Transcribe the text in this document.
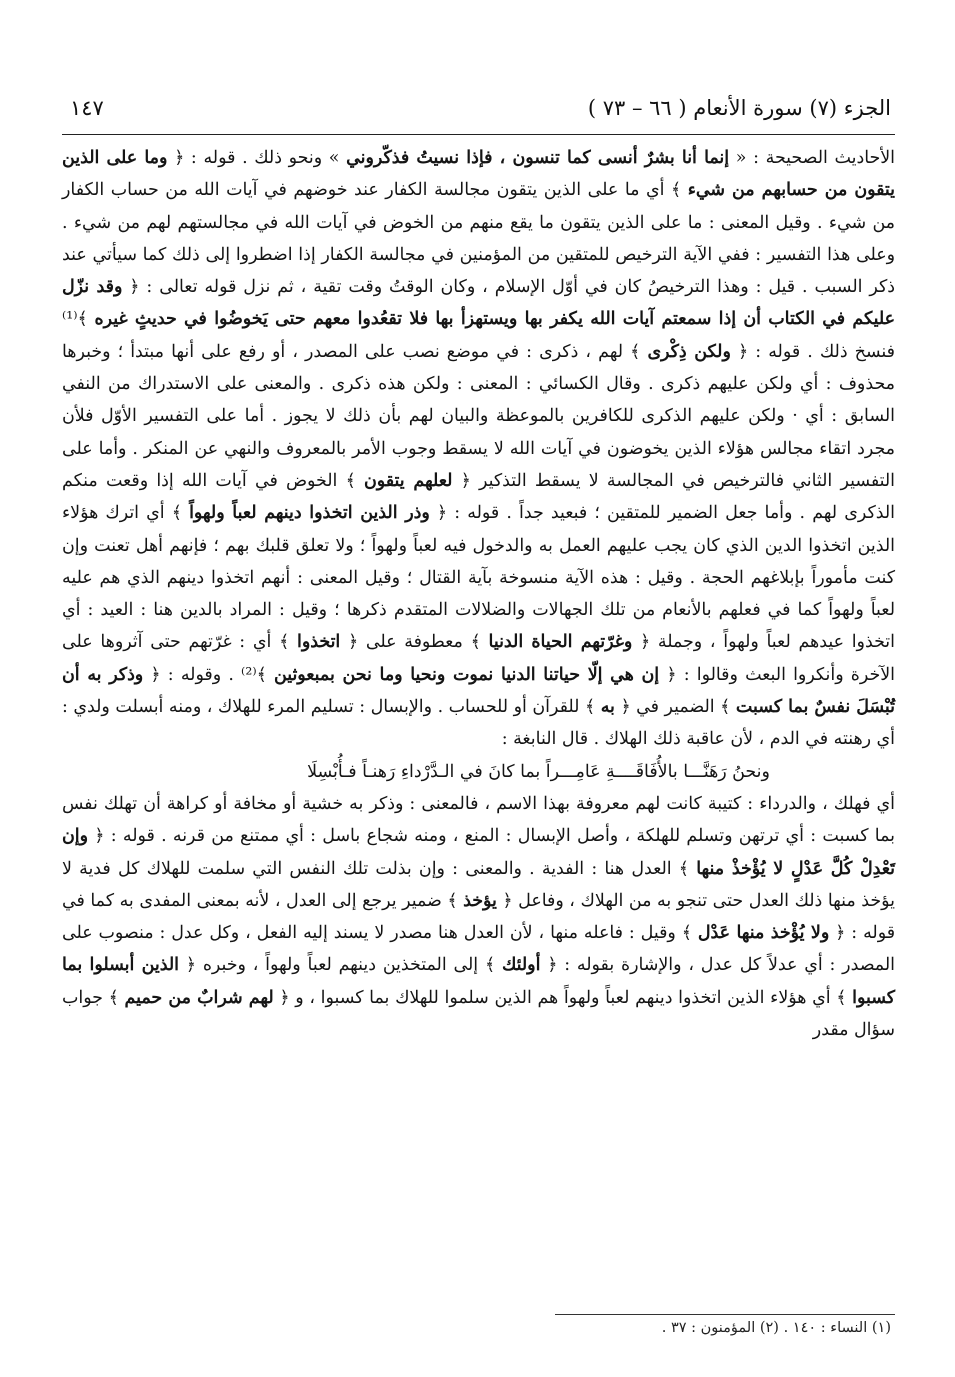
١٤٧	الجزء (٧) سورة الأنعام ( ٦٦ – ٧٣ )

الأحاديث الصحيحة : « إنما أنا بشرٌ أنسى كما تنسون ، فإذا نسيتُ فذكّروني » ونحو ذلك . قوله : ﴿ وما على الذين يتقون من حسابهم من شيء ﴾ أي ما على الذين يتقون مجالسة الكفار عند خوضهم في آيات الله من حساب الكفار من شيء . وقيل المعنى : ما على الذين يتقون ما يقع منهم من الخوض في آيات الله في مجالستهم لهم من شيء . وعلى هذا التفسير : ففي الآية الترخيص للمتقين من المؤمنين في مجالسة الكفار إذا اضطروا إلى ذلك كما سيأتي عند ذكر السبب . قيل : وهذا الترخيصُ كان في أوّل الإسلام ، وكان الوقتُ وقت تقية ، ثم نزل قوله تعالى : ﴿ وقد نزّل عليكم في الكتاب أن إذا سمعتم آيات الله يكفر بها ويستهزأ بها فلا تقعُدوا معهم حتى يَخوضُوا في حديثٍ غيره ﴾⁽¹⁾ فنسخ ذلك . قوله : ﴿ ولكن ذِكْرى ﴾ لهم ، ذكرى : في موضع نصب على المصدر ، أو رفع على أنها مبتدأ ؛ وخبرها محذوف : أي ولكن عليهم ذكرى . وقال الكسائي : المعنى : ولكن هذه ذكرى . والمعنى على الاستدراك من النفي السابق : أي · ولكن عليهم الذكرى للكافرين بالموعظة والبيان لهم بأن ذلك لا يجوز . أما على التفسير الأوّل فلأن مجرد اتقاء مجالس هؤلاء الذين يخوضون في آيات الله لا يسقط وجوب الأمر بالمعروف والنهي عن المنكر . وأما على التفسير الثاني فالترخيص في المجالسة لا يسقط التذكير ﴿ لعلهم يتقون ﴾ الخوض في آيات الله إذا وقعت منكم الذكرى لهم . وأما جعل الضمير للمتقين ؛ فبعيد جداً . قوله : ﴿ وذر الذين اتخذوا دينهم لعباً ولهواً ﴾ أي اترك هؤلاء الذين اتخذوا الدين الذي كان يجب عليهم العمل به والدخول فيه لعباً ولهواً ؛ ولا تعلق قلبك بهم ؛ فإنهم أهل تعنت وإن كنت مأموراً بإبلاغهم الحجة . وقيل : هذه الآية منسوخة بآية القتال ؛ وقيل المعنى : أنهم اتخذوا دينهم الذي هم عليه لعباً ولهواً كما في فعلهم بالأنعام من تلك الجهالات والضلالات المتقدم ذكرها ؛ وقيل : المراد بالدين هنا : العيد : أي اتخذوا عيدهم لعباً ولهواً ، وجملة ﴿ وغرّتهم الحياة الدنيا ﴾ معطوفة على ﴿ اتخذوا ﴾ أي : غرّتهم حتى آثروها على الآخرة وأنكروا البعث وقالوا : ﴿ إن هي إلّا حياتنا الدنيا نموت ونحيا وما نحن بمبعوثين ﴾⁽²⁾ . وقوله : ﴿ وذكر به أن تُبْسَلَ نفسٌ بما كسبت ﴾ الضمير في ﴿ به ﴾ للقرآن أو للحساب . والإبسال : تسليم المرء للهلاك ، ومنه أبسلت ولدي : أي رهنته في الدم ، لأن عاقبة ذلك الهلاك . قال النابغة :

ونحنُ رَهَنَّـــا بالأُفَاقَــــةِ عَامِـــراً بما كانَ في الـدَّرْداءِ رَهنـاً فـأُبْسِلَا

أي فهلك ، والدرداء : كتيبة كانت لهم معروفة بهذا الاسم ، فالمعنى : وذكر به خشية أو مخافة أو كراهة أن تهلك نفس بما كسبت : أي ترتهن وتسلم للهلكة ، وأصل الإبسال : المنع ، ومنه شجاع باسل : أي ممتنع من قرنه . قوله : ﴿ وإن تَعْدِلْ كُلَّ عَدْلٍ لا يُؤْخذْ منها ﴾ العدل هنا : الفدية . والمعنى : وإن بذلت تلك النفس التي سلمت للهلاك كل فدية لا يؤخذ منها ذلك العدل حتى تنجو به من الهلاك ، وفاعل ﴿ يؤخذ ﴾ ضمير يرجع إلى العدل ، لأنه بمعنى المفدى به كما في قوله : ﴿ ولا يُؤْخذ منها عَدْل ﴾ وقيل : فاعله منها ، لأن العدل هنا مصدر لا يسند إليه الفعل ، وكل عدل : منصوب على المصدر : أي عدلاً كل عدل ، والإشارة بقوله : ﴿ أولئك ﴾ إلى المتخذين دينهم لعباً ولهواً ، وخبره ﴿ الذين أبسلوا بما كسبوا ﴾ أي هؤلاء الذين اتخذوا دينهم لعباً ولهواً هم الذين سلموا للهلاك بما كسبوا ، و ﴿ لهم شرابٌ من حميم ﴾ جواب سؤال مقدر

(١) النساء : ١٤٠ . (٢) المؤمنون : ٣٧ .
